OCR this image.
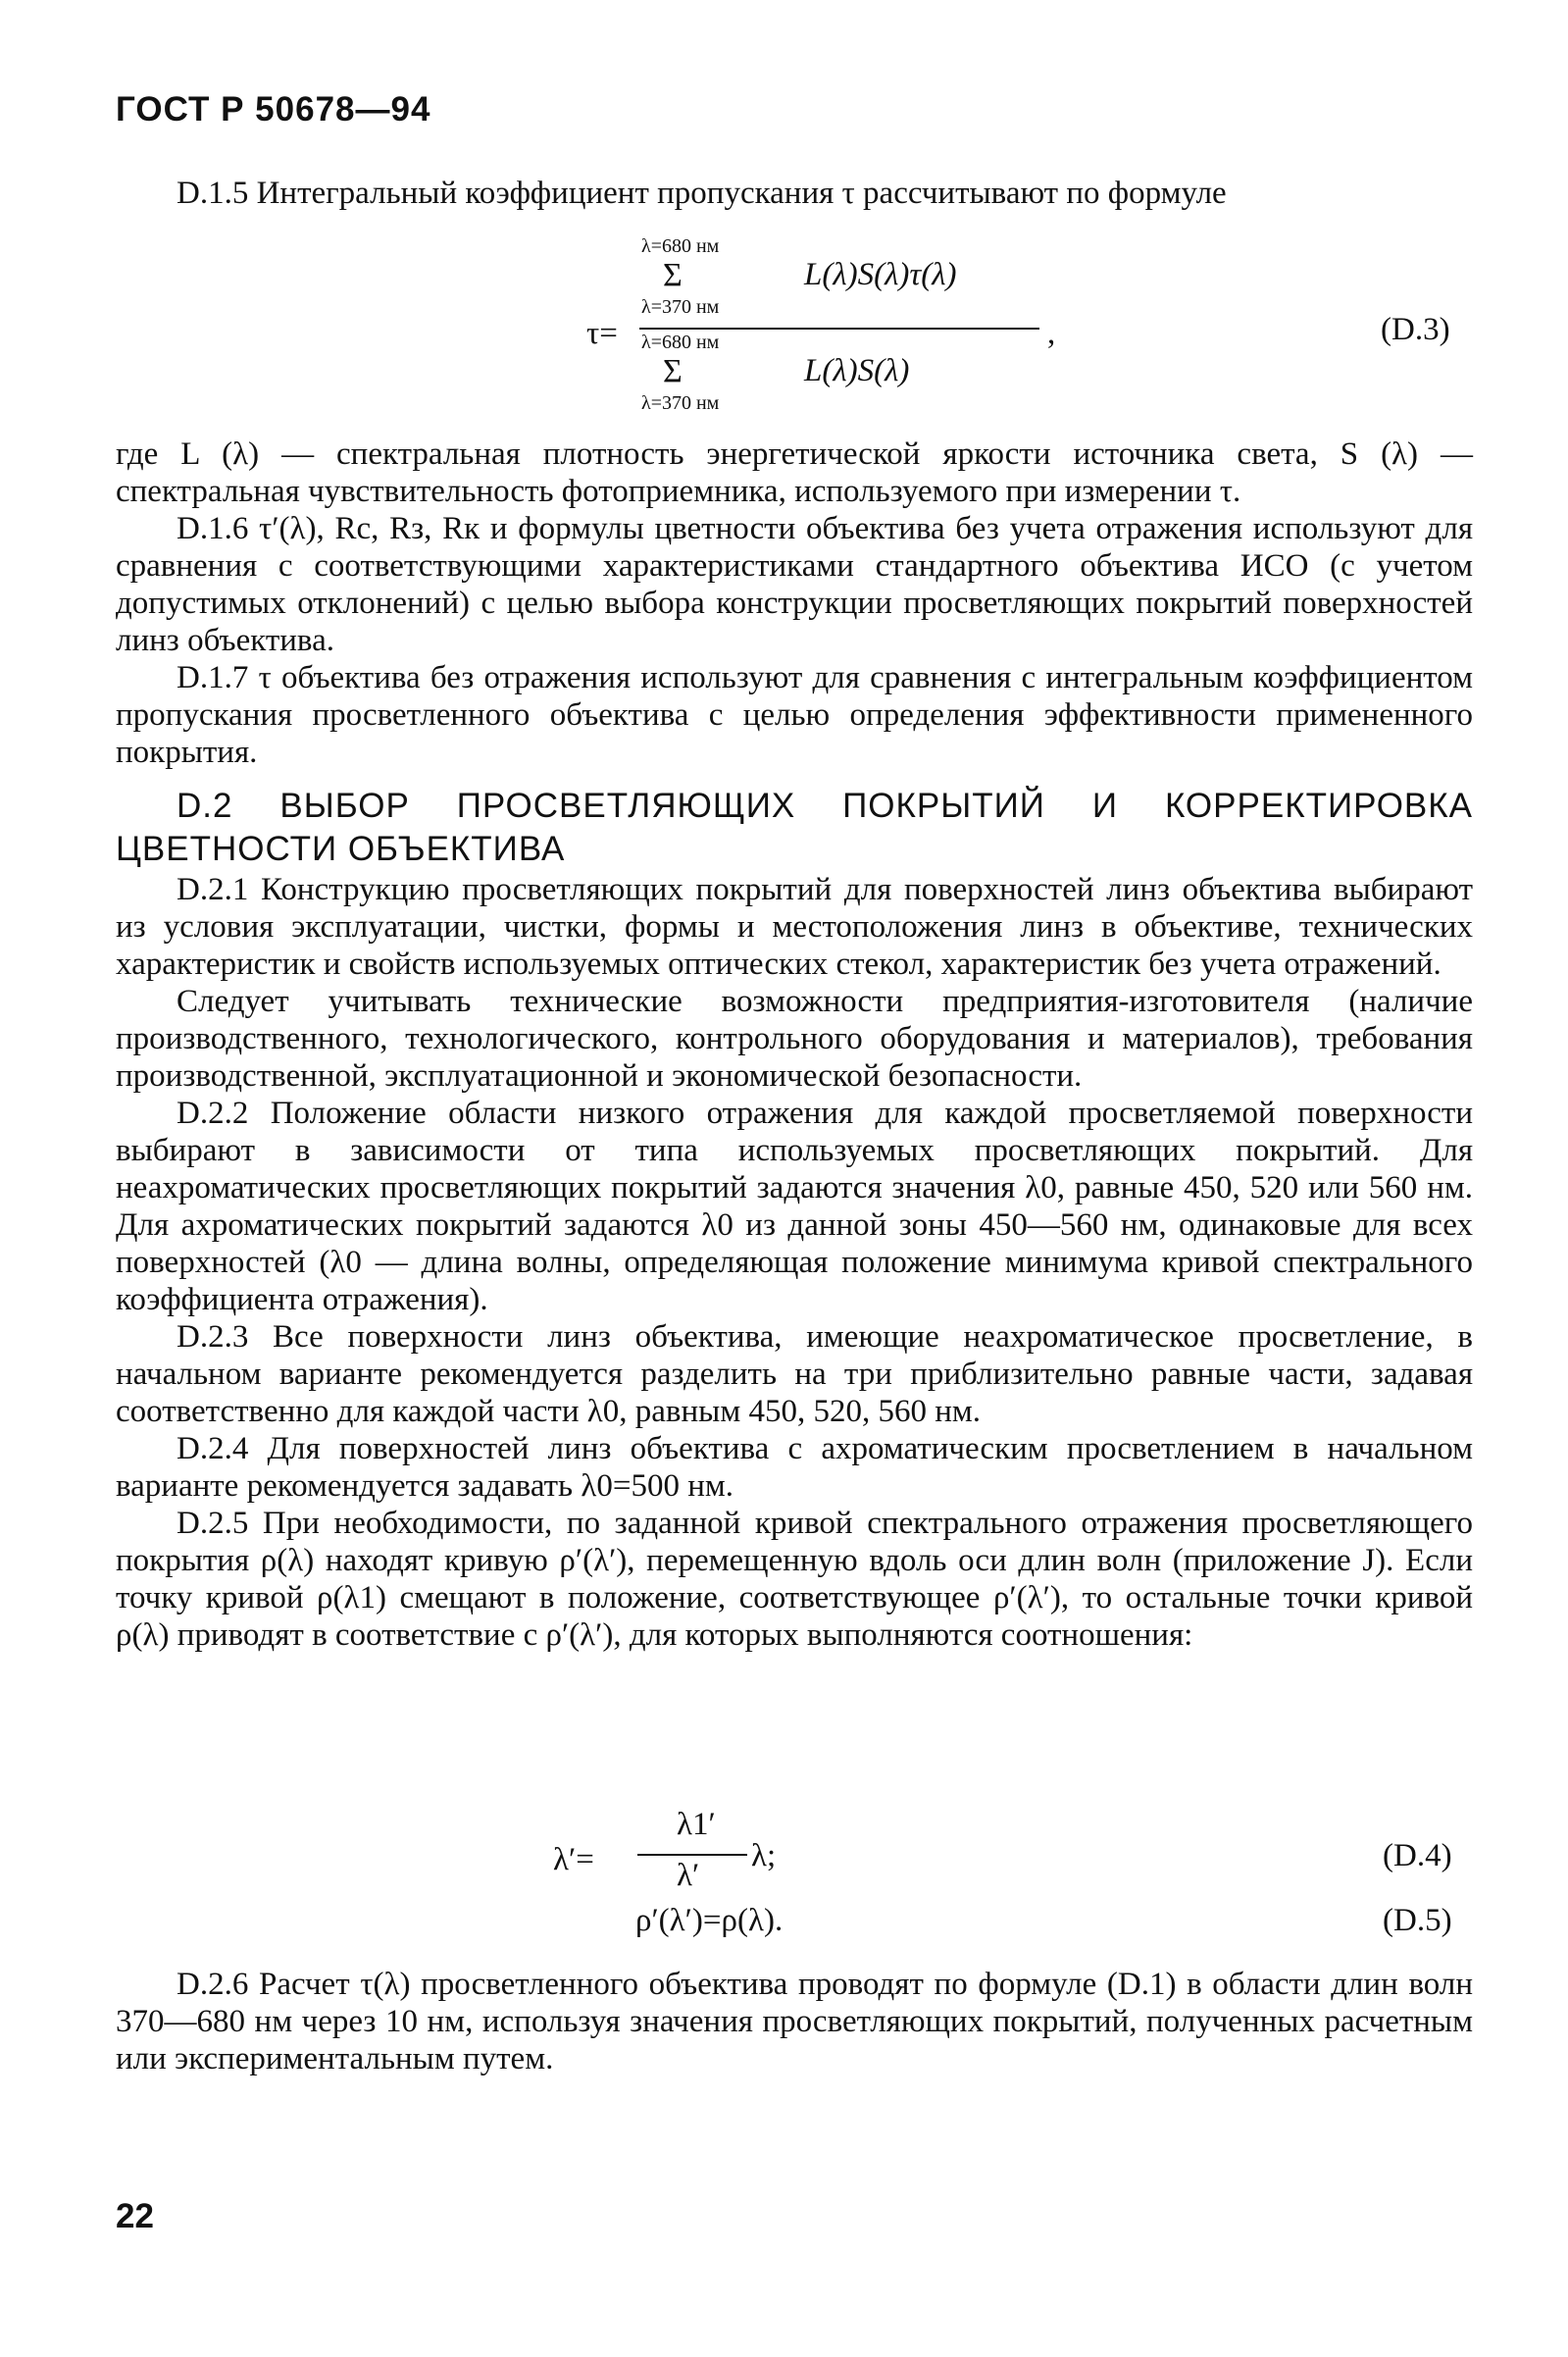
ГОСТ Р 50678—94

D.1.5 Интегральный коэффициент пропускания τ рассчитывают по формуле

λ=680 нм
Σ	L(λ)S(λ)τ(λ)
λ=370 нм
τ=	,
λ=680 нм
Σ	L(λ)S(λ)
λ=370 нм
(D.3)

где L (λ) — спектральная плотность энергетической яркости источника света, S (λ) — спектральная чувствительность фотоприемника, используемого при измерении τ.

D.1.6 τ′(λ), Rс, Rз, Rк и формулы цветности объектива без учета отражения используют для сравнения с соответствующими характеристиками стандартного объектива ИСО (с учетом допустимых отклонений) с целью выбора конструкции просветляющих покрытий поверхностей линз объектива.

D.1.7 τ объектива без отражения используют для сравнения с интегральным коэффициентом пропускания просветленного объектива с целью определения эффективности примененного покрытия.

D.2 ВЫБОР ПРОСВЕТЛЯЮЩИХ ПОКРЫТИЙ И КОРРЕКТИРОВКА ЦВЕТНОСТИ ОБЪЕКТИВА

D.2.1 Конструкцию просветляющих покрытий для поверхностей линз объектива выбирают из условия эксплуатации, чистки, формы и местоположения линз в объективе, технических характеристик и свойств используемых оптических стекол, характеристик без учета отражений.

Следует учитывать технические возможности предприятия-изготовителя (наличие производственного, технологического, контрольного оборудования и материалов), требования производственной, эксплуатационной и экономической безопасности.

D.2.2 Положение области низкого отражения для каждой просветляемой поверхности выбирают в зависимости от типа используемых просветляющих покрытий. Для неахроматических просветляющих покрытий задаются значения λ0, равные 450, 520 или 560 нм. Для ахроматических покрытий задаются λ0 из данной зоны 450—560 нм, одинаковые для всех поверхностей (λ0 — длина волны, определяющая положение минимума кривой спектрального коэффициента отражения).

D.2.3 Все поверхности линз объектива, имеющие неахроматическое просветление, в начальном варианте рекомендуется разделить на три приблизительно равные части, задавая соответственно для каждой части λ0, равным 450, 520, 560 нм.

D.2.4 Для поверхностей линз объектива с ахроматическим просветлением в начальном варианте рекомендуется задавать λ0=500 нм.

D.2.5 При необходимости, по заданной кривой спектрального отражения просветляющего покрытия ρ(λ) находят кривую ρ′(λ′), перемещенную вдоль оси длин волн (приложение J). Если точку кривой ρ(λ1) смещают в положение, соответствующее ρ′(λ′), то остальные точки кривой ρ(λ) приводят в соответствие с ρ′(λ′), для которых выполняются соотношения:

λ′=
λ1′
λ′
λ;	(D.4)
ρ′(λ′)=ρ(λ).	(D.5)

D.2.6 Расчет τ(λ) просветленного объектива проводят по формуле (D.1) в области длин волн 370—680 нм через 10 нм, используя значения просветляющих покрытий, полученных расчетным или экспериментальным путем.

22
